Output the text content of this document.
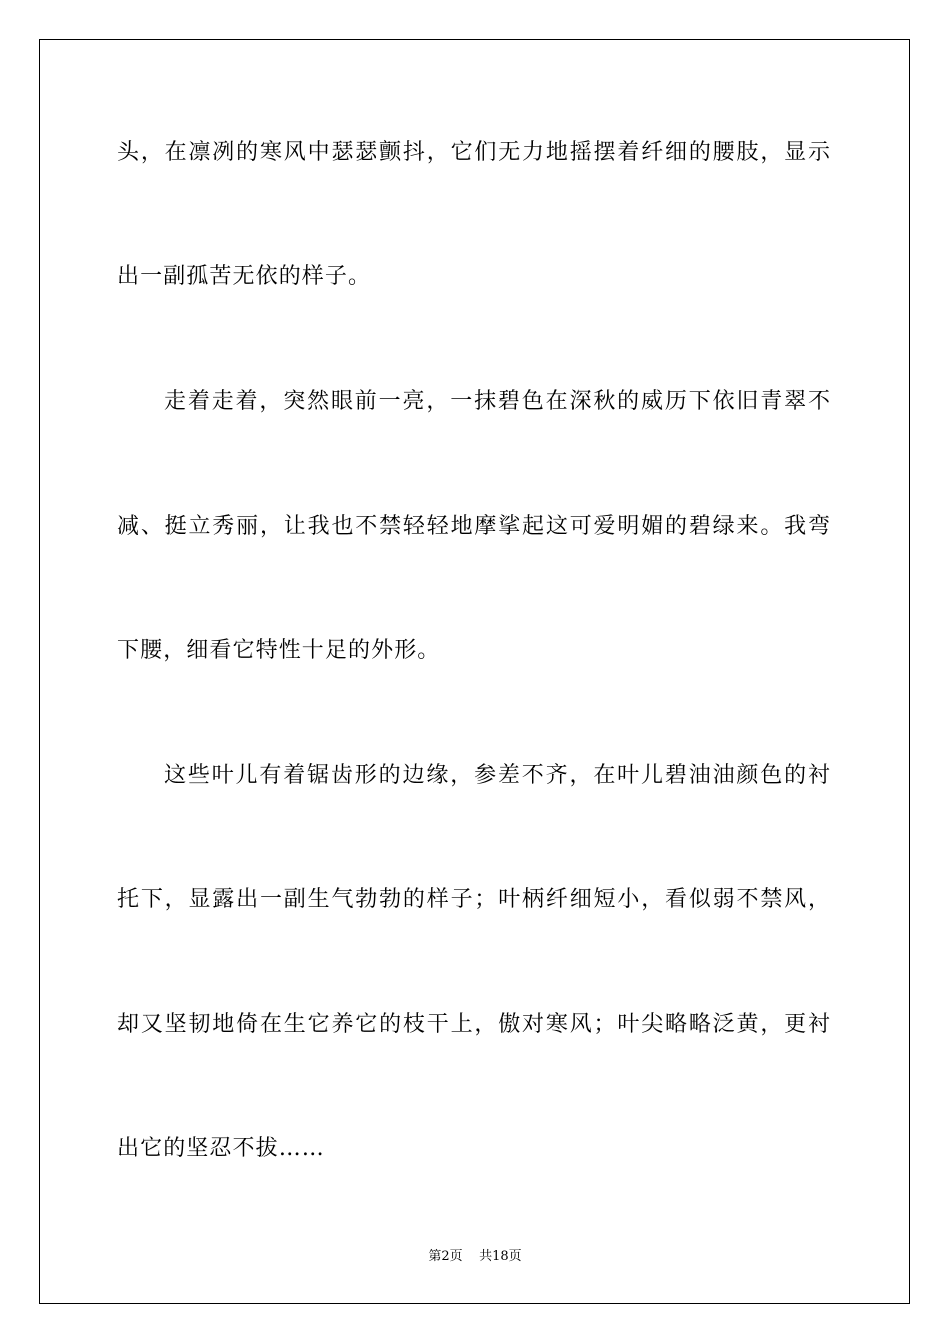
头，在凛冽的寒风中瑟瑟颤抖，它们无力地摇摆着纤细的腰肢，显示
出一副孤苦无依的样子。
走着走着，突然眼前一亮，一抹碧色在深秋的威历下依旧青翠不
减、挺立秀丽，让我也不禁轻轻地摩挲起这可爱明媚的碧绿来。我弯
下腰，细看它特性十足的外形。
这些叶儿有着锯齿形的边缘，参差不齐，在叶儿碧油油颜色的衬
托下，显露出一副生气勃勃的样子；叶柄纤细短小，看似弱不禁风，
却又坚韧地倚在生它养它的枝干上，傲对寒风；叶尖略略泛黄，更衬
出它的坚忍不拔……
第2页    共18页
